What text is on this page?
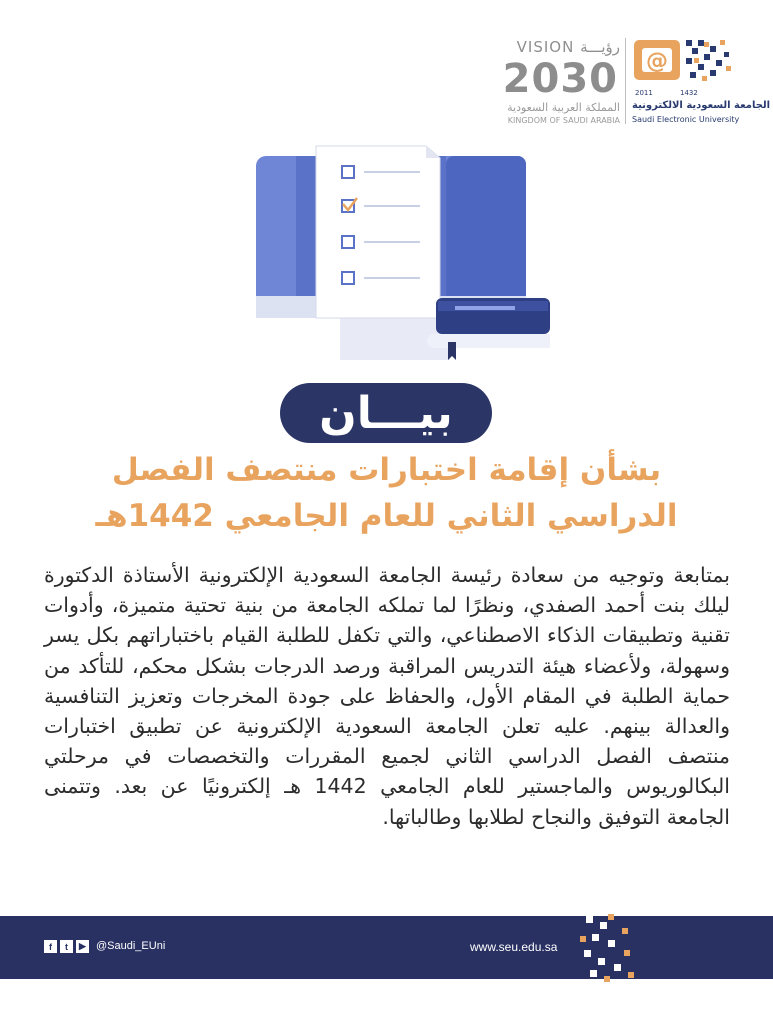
VISION رؤيـــة
2030
المملكة العربية السعودية
KINGDOM OF SAUDI ARABIA
@
2011	1432
الجامعة السعودية الالكترونية
Saudi Electronic University
بيـــان
بشأن إقامة اختبارات منتصف الفصل
الدراسي الثاني للعام الجامعي 1442هـ
بمتابعة وتوجيه من سعادة رئيسة الجامعة السعودية الإلكترونية الأستاذة الدكتورة ليلك بنت أحمد الصفدي، ونظرًا لما تملكه الجامعة من بنية تحتية متميزة، وأدوات تقنية وتطبيقات الذكاء الاصطناعي، والتي تكفل للطلبة القيام باختباراتهم بكل يسر وسهولة، ولأعضاء هيئة التدريس المراقبة ورصد الدرجات بشكل محكم، للتأكد من حماية الطلبة في المقام الأول، والحفاظ على جودة المخرجات وتعزيز التنافسية والعدالة بينهم. عليه تعلن الجامعة السعودية الإلكترونية عن تطبيق اختبارات منتصف الفصل الدراسي الثاني لجميع المقررات والتخصصات في مرحلتي البكالوريوس والماجستير للعام الجامعي 1442 هـ إلكترونيًا عن بعد. وتتمنى الجامعة التوفيق والنجاح لطلابها وطالباتها.
f	t	▶ @Saudi_EUni	www.seu.edu.sa
